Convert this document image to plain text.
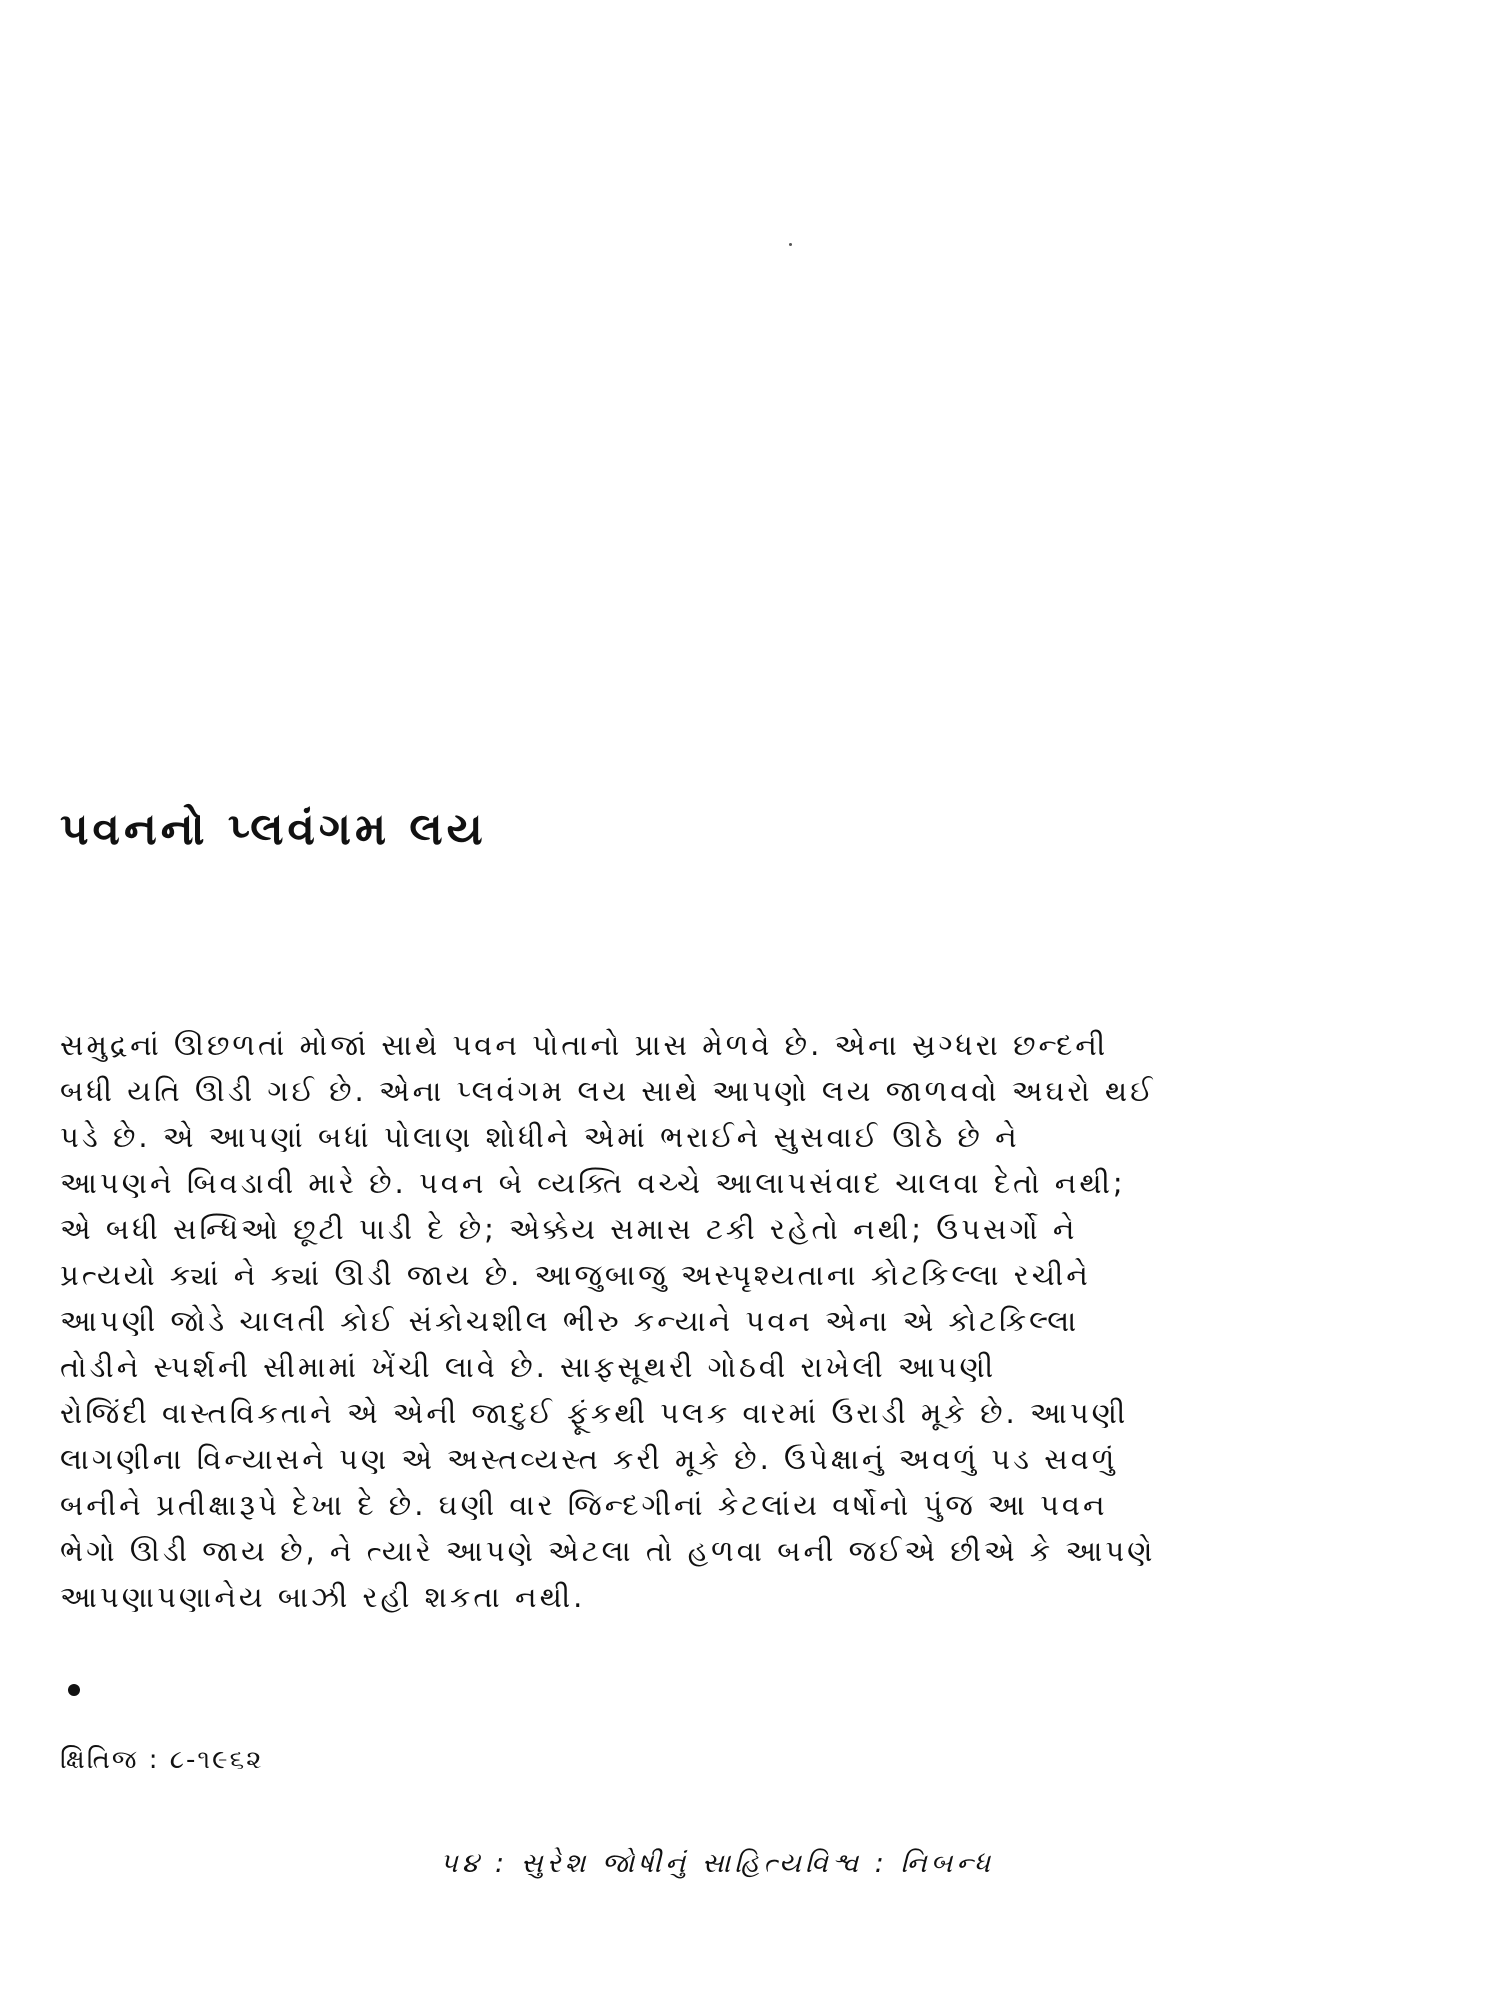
પવનનો પ્લવંગમ લય
સમુદ્રનાં ઊછળતાં મોજાં સાથે પવન પોતાનો પ્રાસ મેળવે છે. એના સ્રગ્ધરા છન્દની
બધી યતિ ઊડી ગઈ છે. એના પ્લવંગમ લય સાથે આપણો લય જાળવવો અઘરો થઈ
પડે છે. એ આપણાં બધાં પોલાણ શોધીને એમાં ભરાઈને સુસવાઈ ઊઠે છે ને
આપણને બિવડાવી મારે છે. પવન બે વ્યક્તિ વચ્ચે આલાપસંવાદ ચાલવા દેતો નથી;
એ બધી સન્ધિઓ છૂટી પાડી દે છે; એક્કેય સમાસ ટકી રહેતો નથી; ઉપસર્ગો ને
પ્રત્યયો ક્યાં ને ક્યાં ઊડી જાય છે. આજુબાજુ અસ્પૃશ્યતાના કોટકિલ્લા રચીને
આપણી જોડે ચાલતી કોઈ સંકોચશીલ ભીરુ કન્યાને પવન એના એ કોટકિલ્લા
તોડીને સ્પર્શની સીમામાં ખેંચી લાવે છે. સાફસૂથરી ગોઠવી રાખેલી આપણી
રોજિંદી વાસ્તવિકતાને એ એની જાદુઈ ફૂંકથી પલક વારમાં ઉરાડી મૂકે છે. આપણી
લાગણીના વિન્યાસને પણ એ અસ્તવ્યસ્ત કરી મૂકે છે. ઉપેક્ષાનું અવળું પડ સવળું
બનીને પ્રતીક્ષારૂપે દેખા દે છે. ઘણી વાર જિન્દગીનાં કેટલાંય વર્ષોનો પુંજ આ પવન
ભેગો ઊડી જાય છે, ને ત્યારે આપણે એટલા તો હળવા બની જઈએ છીએ કે આપણે
આપણાપણાનેય બાઝી રહી શકતા નથી.

ક્ષિતિજ : ૮-૧૯૬૨

૫૪ : સુરેશ જોષીનું સાહિત્યવિશ્વ : નિબન્ધ
